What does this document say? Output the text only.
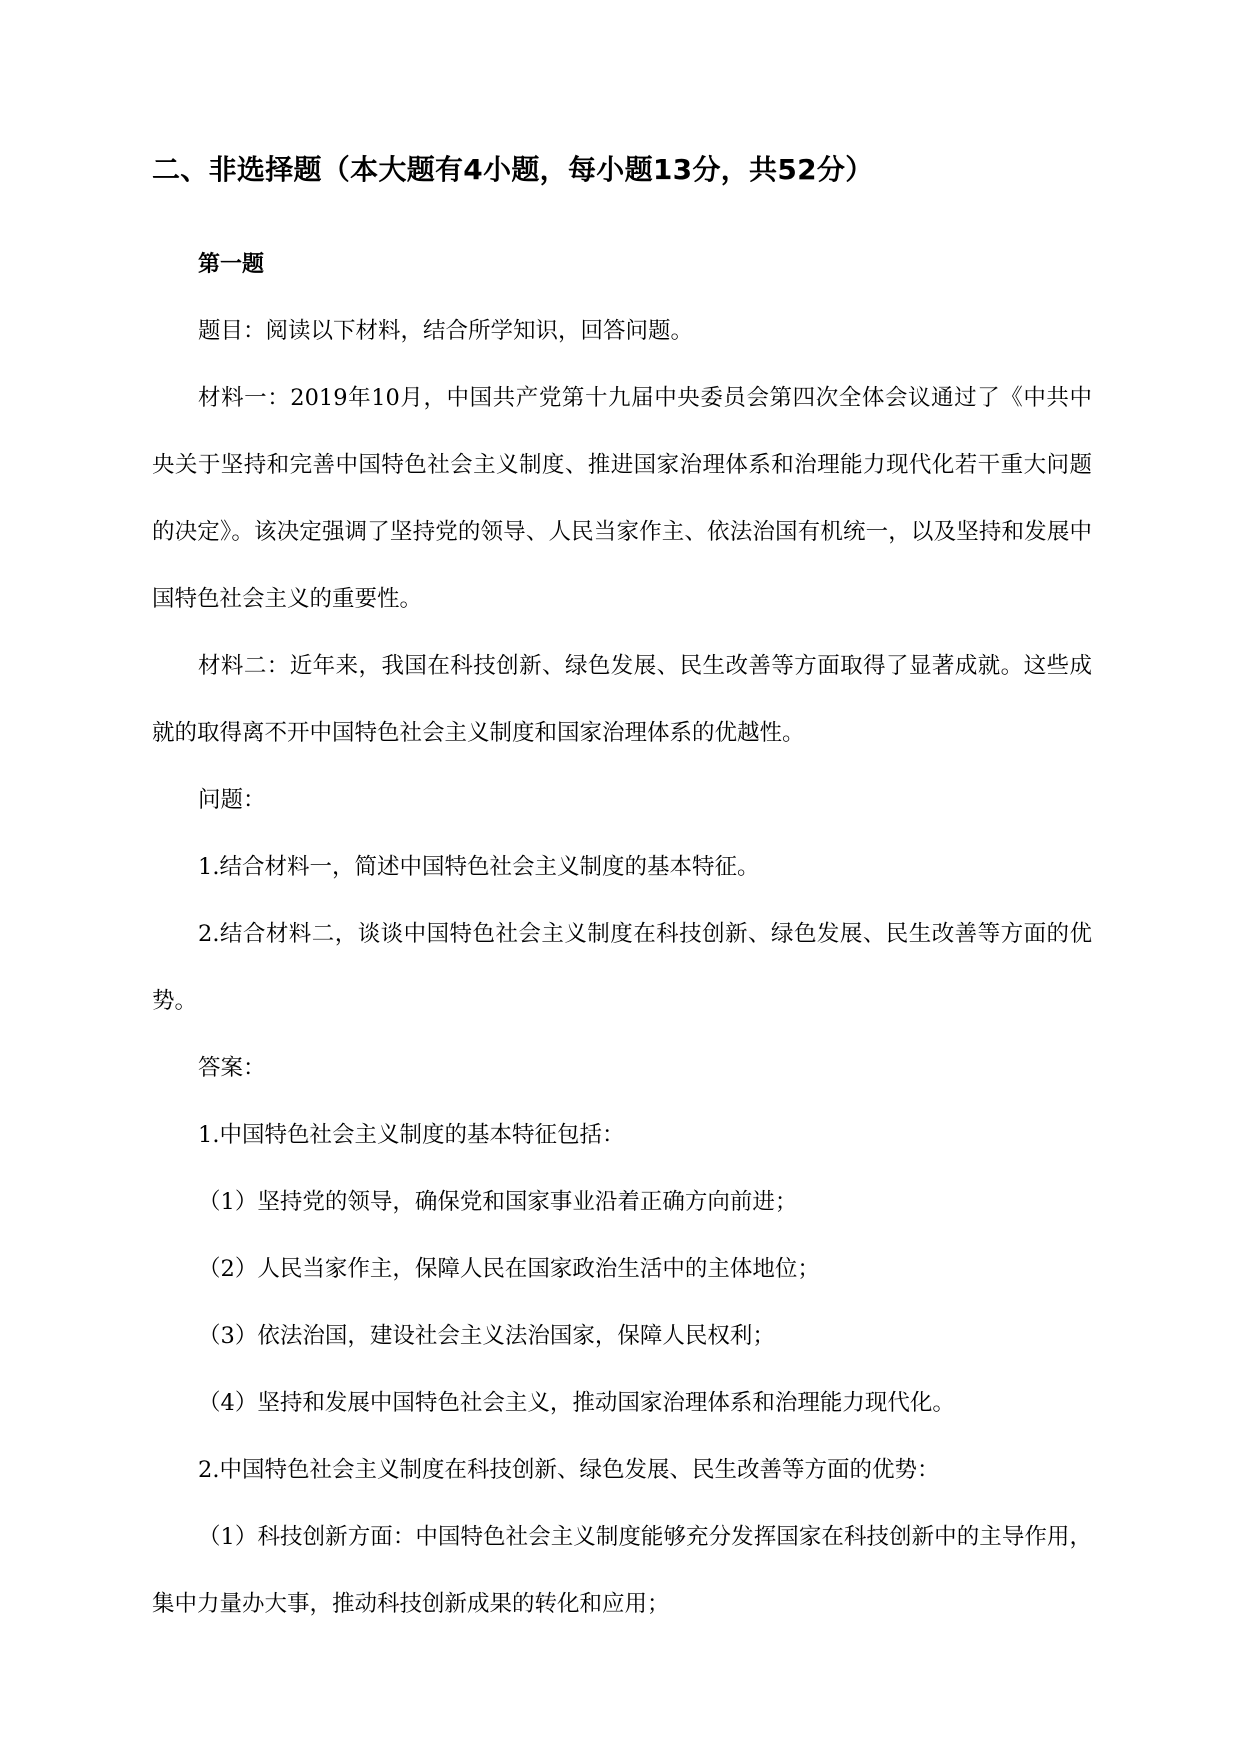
二、非选择题（本大题有4小题，每小题13分，共52分）

第一题

题目：阅读以下材料，结合所学知识，回答问题。

材料一：2019年10月，中国共产党第十九届中央委员会第四次全体会议通过了《中共中央关于坚持和完善中国特色社会主义制度、推进国家治理体系和治理能力现代化若干重大问题的决定》。该决定强调了坚持党的领导、人民当家作主、依法治国有机统一，以及坚持和发展中国特色社会主义的重要性。

材料二：近年来，我国在科技创新、绿色发展、民生改善等方面取得了显著成就。这些成就的取得离不开中国特色社会主义制度和国家治理体系的优越性。

问题：

1.结合材料一，简述中国特色社会主义制度的基本特征。

2.结合材料二，谈谈中国特色社会主义制度在科技创新、绿色发展、民生改善等方面的优势。

答案：

1.中国特色社会主义制度的基本特征包括：

（1）坚持党的领导，确保党和国家事业沿着正确方向前进；

（2）人民当家作主，保障人民在国家政治生活中的主体地位；

（3）依法治国，建设社会主义法治国家，保障人民权利；

（4）坚持和发展中国特色社会主义，推动国家治理体系和治理能力现代化。

2.中国特色社会主义制度在科技创新、绿色发展、民生改善等方面的优势：

（1）科技创新方面：中国特色社会主义制度能够充分发挥国家在科技创新中的主导作用，集中力量办大事，推动科技创新成果的转化和应用；
